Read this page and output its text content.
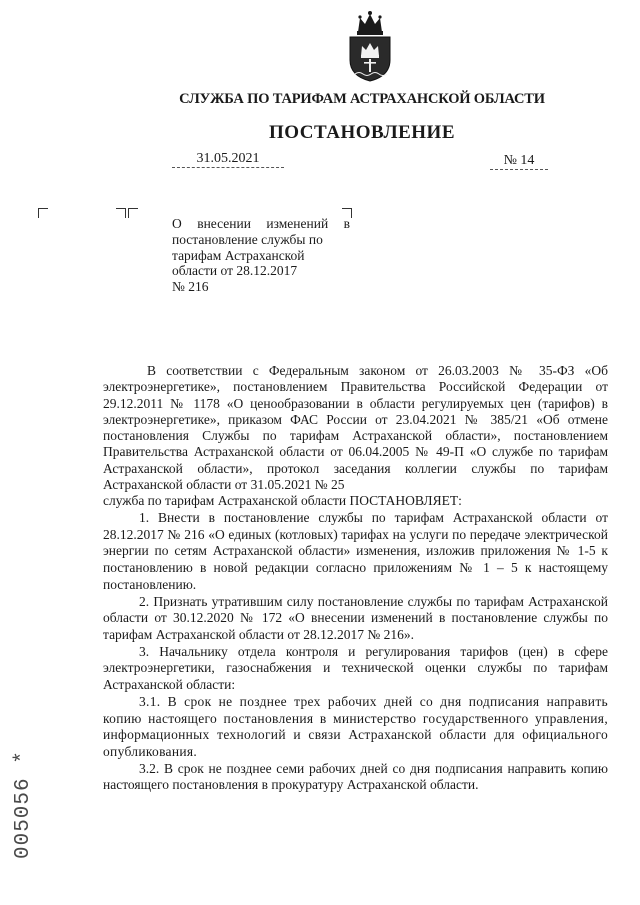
СЛУЖБА ПО ТАРИФАМ АСТРАХАНСКОЙ ОБЛАСТИ
ПОСТАНОВЛЕНИЕ
31.05.2021	№ 14
О внесении изменений в
постановление службы по
тарифам Астраханской
области от 28.12.2017
№ 216

В соответствии с Федеральным законом от 26.03.2003 № 35-ФЗ «Об электроэнергетике», постановлением Правительства Российской Федерации от 29.12.2011 № 1178 «О ценообразовании в области регулируемых цен (тарифов) в электроэнергетике», приказом ФАС России от 23.04.2021 № 385/21 «Об отмене постановления Службы по тарифам Астраханской области», постановлением Правительства Астраханской области от 06.04.2005 № 49-П «О службе по тарифам Астраханской области», протокол заседания коллегии службы по тарифам Астраханской области от 31.05.2021 № 25

служба по тарифам Астраханской области ПОСТАНОВЛЯЕТ:

1. Внести в постановление службы по тарифам Астраханской области от 28.12.2017 № 216 «О единых (котловых) тарифах на услуги по передаче электрической энергии по сетям Астраханской области» изменения, изложив приложения № 1-5 к постановлению в новой редакции согласно приложениям № 1 – 5 к настоящему постановлению.

2. Признать утратившим силу постановление службы по тарифам Астраханской области от 30.12.2020 № 172 «О внесении изменений в постановление службы по тарифам Астраханской области от 28.12.2017 № 216».

3. Начальнику отдела контроля и регулирования тарифов (цен) в сфере электроэнергетики, газоснабжения и технической оценки службы по тарифам Астраханской области:

3.1. В срок не позднее трех рабочих дней со дня подписания направить копию настоящего постановления в министерство государственного управления, информационных технологий и связи Астраханской области для официального опубликования.

3.2. В срок не позднее семи рабочих дней со дня подписания направить копию настоящего постановления в прокуратуру Астраханской области.

005056 *
